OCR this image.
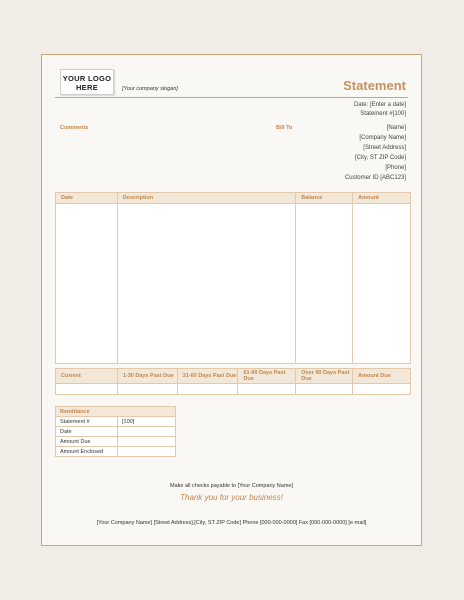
YOUR LOGO
HERE	[Your company slogan]	Statement
Date: [Enter a date]
Statement #[100]
Comments	Bill To	[Name]
[Company Name]
[Street Address]
[City, ST ZIP Code]
[Phone]
Customer ID [ABC123]
Date	Description	Balance	Amount

Current	1-30 Days Past Due	31-60 Days Past Due	61-90 Days Past Due	Over 90 Days Past Due	Amount Due

Remittance	
Statement #	[100]
Date	
Amount Due	
Amount Enclosed	
Make all checks payable to [Your Company Name]
Thank you for your business!
[Your Company Name] [Street Address],[City, ST ZIP Code] Phone [000-000-0000] Fax [000-000-0000] [e-mail]
